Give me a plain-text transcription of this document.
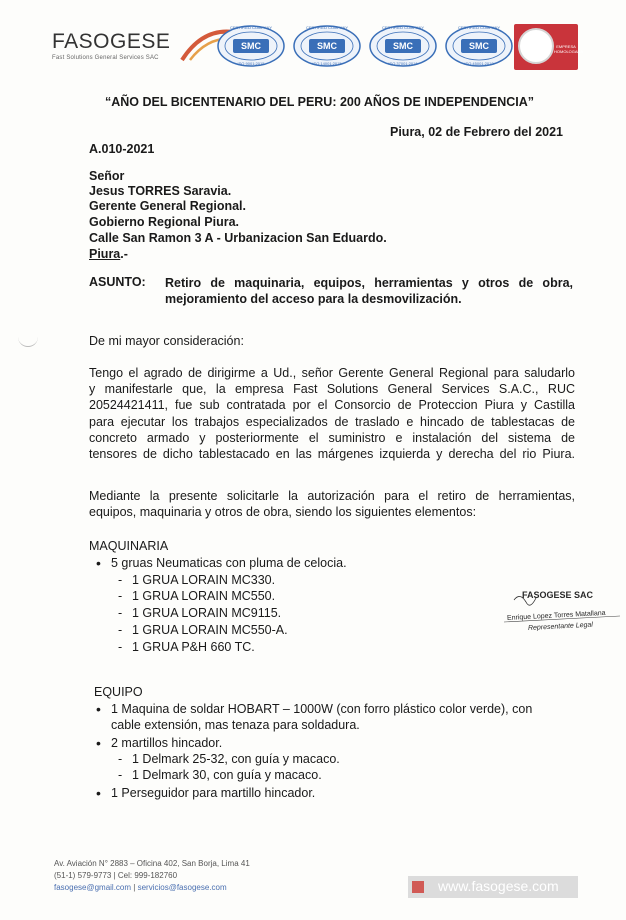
FASOGESE
Fast Solutions General Services SAC
CERTIFIED COMPANY
SMC
ISO 9001:2015
CERTIFIED COMPANY
SMC
ISO 14001:2015
CERTIFIED COMPANY
SMC
ISO 37001:2016
CERTIFIED COMPANY
SMC
ISO 45001:2018
EMPRESA HOMOLOGADA
“AÑO DEL BICENTENARIO DEL PERU: 200 AÑOS DE INDEPENDENCIA”
Piura, 02 de Febrero del 2021
A.010-2021
Señor
Jesus TORRES Saravia.
Gerente General Regional.
Gobierno Regional Piura.
Calle San Ramon 3 A - Urbanizacion San Eduardo.
Piura.-
ASUNTO: Retiro de maquinaria, equipos, herramientas y otros de obra,
mejoramiento del acceso para la desmovilización.
De mi mayor consideración:
Tengo el agrado de dirigirme a Ud., señor Gerente General Regional para saludarlo
y manifestarle que, la empresa Fast Solutions General Services S.A.C., RUC
20524421411, fue sub contratada por el Consorcio de Proteccion Piura y Castilla
para ejecutar los trabajos especializados de traslado e hincado de tablestacas de
concreto armado y posteriormente el suministro e instalación del sistema de
tensores de dicho tablestacado en las márgenes izquierda y derecha del rio Piura.
Mediante la presente solicitarle la autorización para el retiro de herramientas,
equipos, maquinaria y otros de obra, siendo los siguientes elementos:
MAQUINARIA
• 5 gruas Neumaticas con pluma de celocia.
- 1 GRUA LORAIN MC330.
- 1 GRUA LORAIN MC550.
- 1 GRUA LORAIN MC9115.
- 1 GRUA LORAIN MC550-A.
- 1 GRUA P&H 660 TC.
FASOGESE SAC
Enrique Lopez Torres Matallana
Representante Legal
EQUIPO
• 1 Maquina de soldar HOBART – 1000W (con forro plástico color verde), con
cable extensión, mas tenaza para soldadura.
• 2 martillos hincador.
- 1 Delmark 25-32, con guía y macaco.
- 1 Delmark 30, con guía y macaco.
• 1 Perseguidor para martillo hincador.
Av. Aviación N° 2883 – Oficina 402, San Borja, Lima 41
(51-1) 579-9773 | Cel: 999-182760
fasogese@gmail.com | servicios@fasogese.com	www.fasogese.com
